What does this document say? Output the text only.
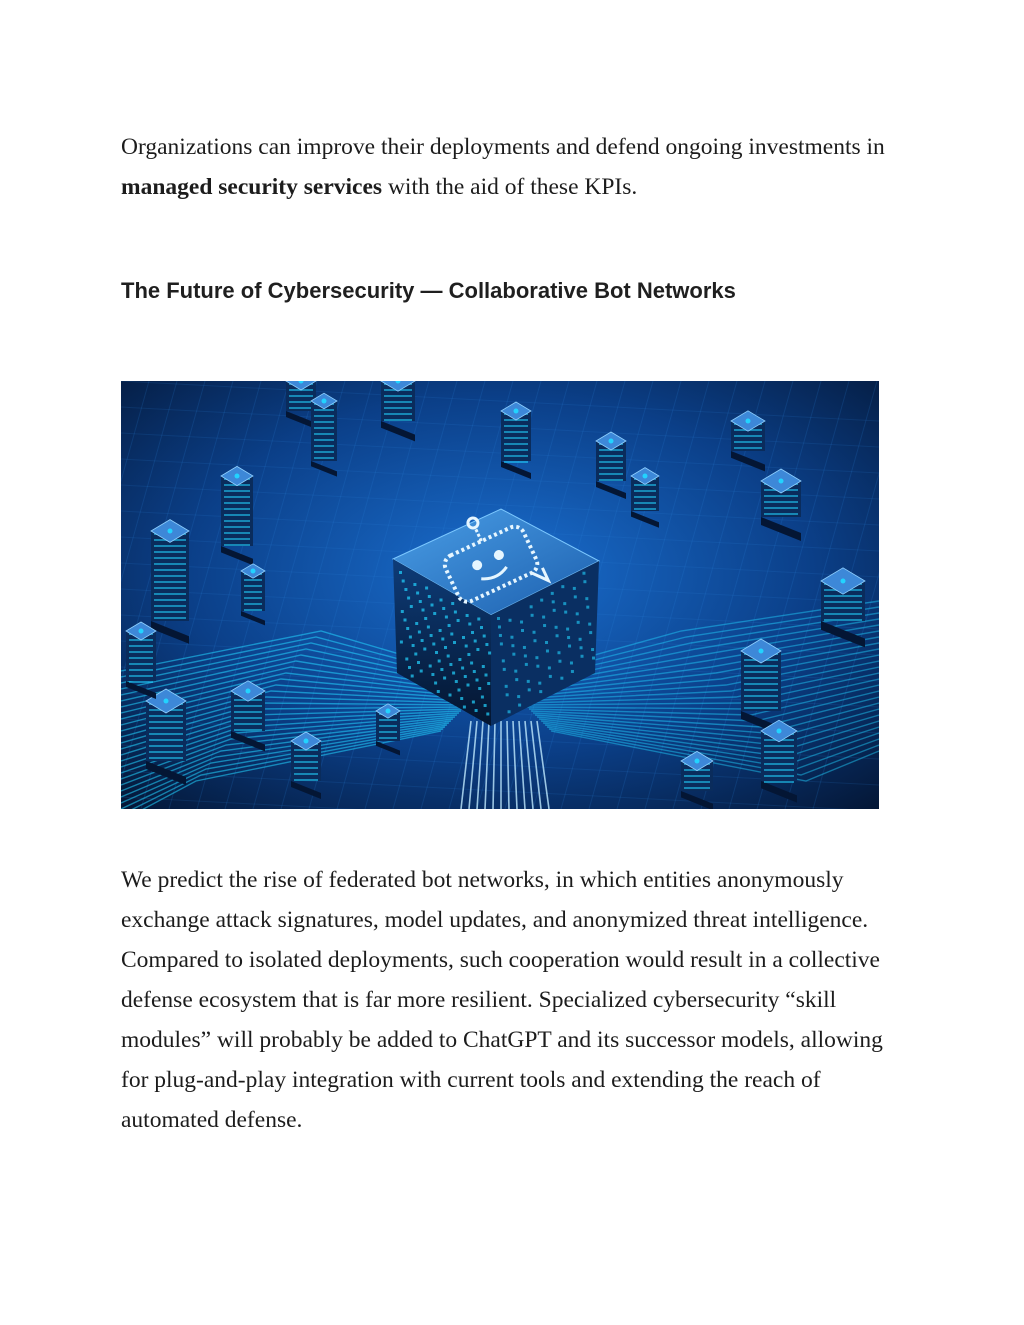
Organizations can improve their deployments and defend ongoing investments in managed security services with the aid of these KPIs.

The Future of Cybersecurity — Collaborative Bot Networks

We predict the rise of federated bot networks, in which entities anonymously exchange attack signatures, model updates, and anonymized threat intelligence. Compared to isolated deployments, such cooperation would result in a collective defense ecosystem that is far more resilient. Specialized cybersecurity “skill modules” will probably be added to ChatGPT and its successor models, allowing for plug-and-play integration with current tools and extending the reach of automated defense.
